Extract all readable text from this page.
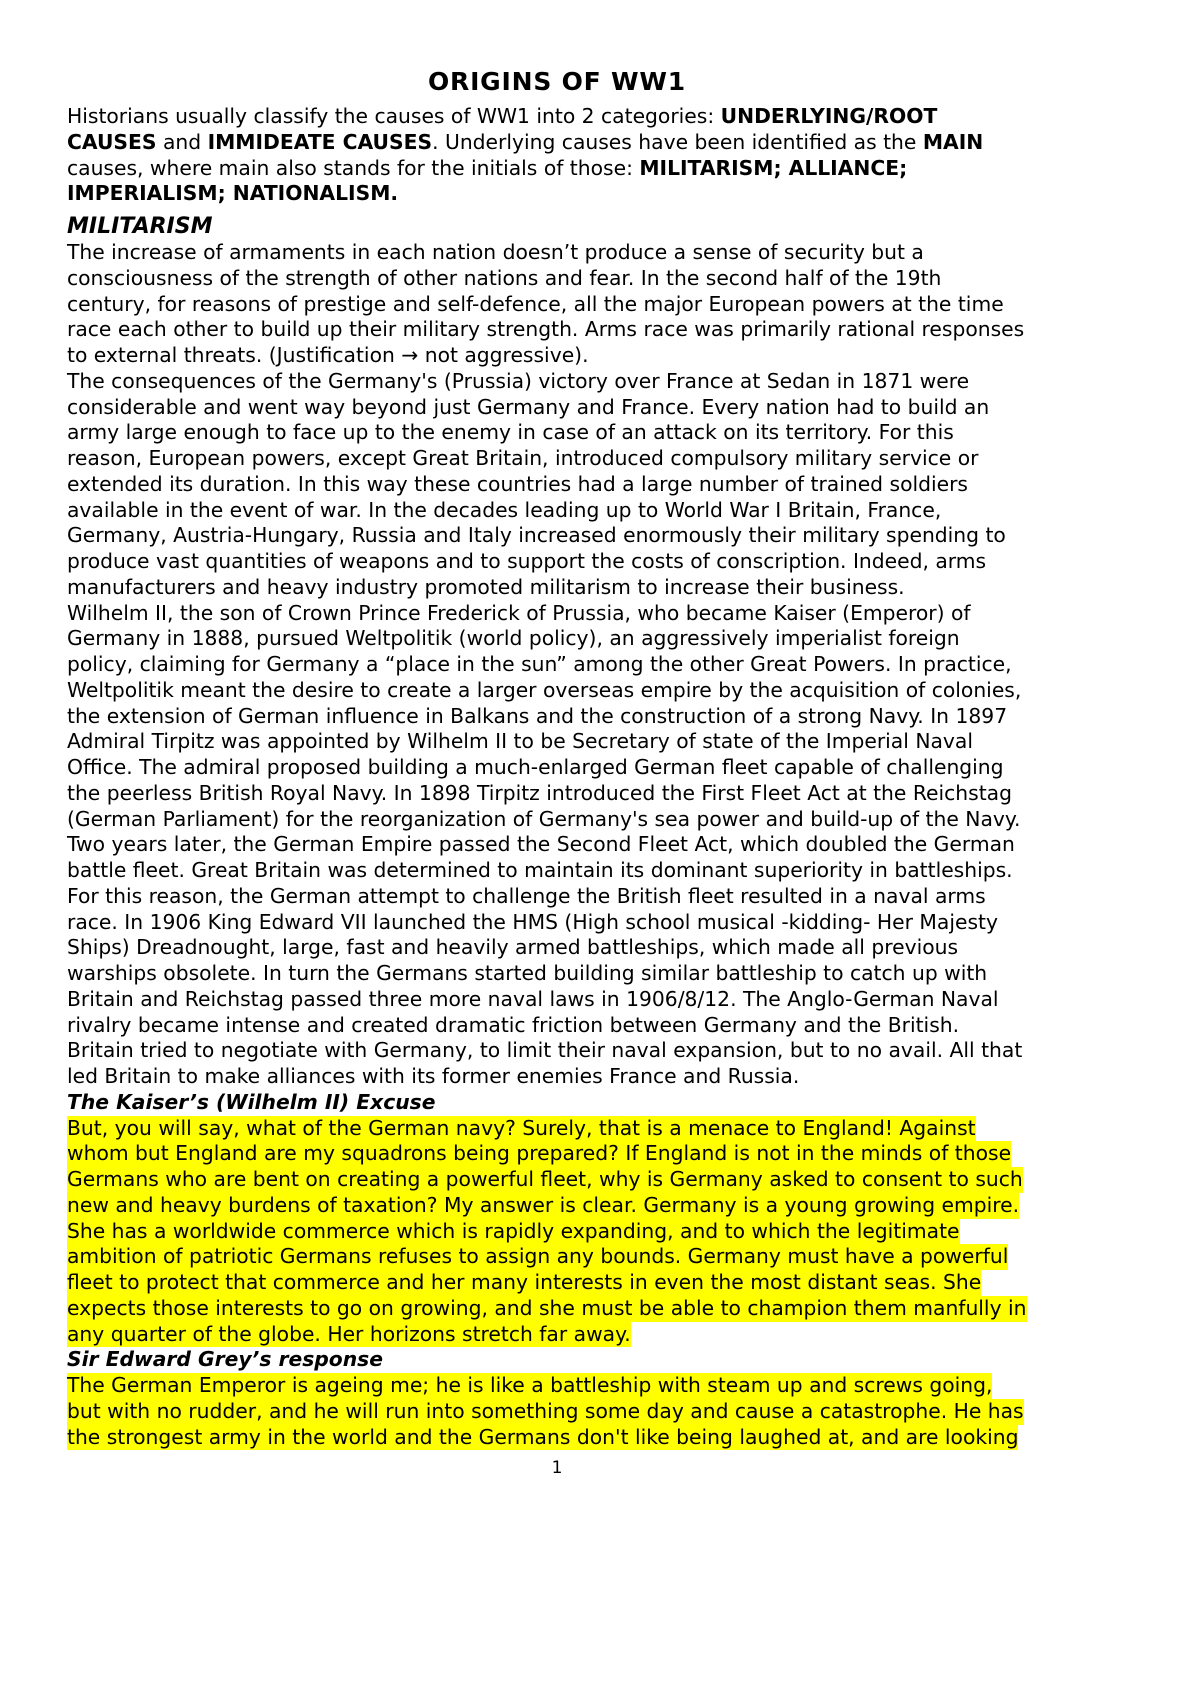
ORIGINS OF WW1
Historians usually classify the causes of WW1 into 2 categories: UNDERLYING/ROOT
CAUSES and IMMIDEATE CAUSES. Underlying causes have been identified as the MAIN
causes, where main also stands for the initials of those: MILITARISM; ALLIANCE;
IMPERIALISM; NATIONALISM.
MILITARISM
The increase of armaments in each nation doesn’t produce a sense of security but a
consciousness of the strength of other nations and fear. In the second half of the 19th
century, for reasons of prestige and self-defence, all the major European powers at the time
race each other to build up their military strength. Arms race was primarily rational responses
to external threats. (Justification → not aggressive).
The consequences of the Germany's (Prussia) victory over France at Sedan in 1871 were
considerable and went way beyond just Germany and France. Every nation had to build an
army large enough to face up to the enemy in case of an attack on its territory. For this
reason, European powers, except Great Britain, introduced compulsory military service or
extended its duration. In this way these countries had a large number of trained soldiers
available in the event of war. In the decades leading up to World War I Britain, France,
Germany, Austria-Hungary, Russia and Italy increased enormously their military spending to
produce vast quantities of weapons and to support the costs of conscription. Indeed, arms
manufacturers and heavy industry promoted militarism to increase their business.
Wilhelm II, the son of Crown Prince Frederick of Prussia, who became Kaiser (Emperor) of
Germany in 1888, pursued Weltpolitik (world policy), an aggressively imperialist foreign
policy, claiming for Germany a “place in the sun” among the other Great Powers. In practice,
Weltpolitik meant the desire to create a larger overseas empire by the acquisition of colonies,
the extension of German influence in Balkans and the construction of a strong Navy. In 1897
Admiral Tirpitz was appointed by Wilhelm II to be Secretary of state of the Imperial Naval
Office. The admiral proposed building a much-enlarged German fleet capable of challenging
the peerless British Royal Navy. In 1898 Tirpitz introduced the First Fleet Act at the Reichstag
(German Parliament) for the reorganization of Germany's sea power and build-up of the Navy.
Two years later, the German Empire passed the Second Fleet Act, which doubled the German
battle fleet. Great Britain was determined to maintain its dominant superiority in battleships.
For this reason, the German attempt to challenge the British fleet resulted in a naval arms
race. In 1906 King Edward VII launched the HMS (High school musical -kidding- Her Majesty
Ships) Dreadnought, large, fast and heavily armed battleships, which made all previous
warships obsolete. In turn the Germans started building similar battleship to catch up with
Britain and Reichstag passed three more naval laws in 1906/8/12. The Anglo-German Naval
rivalry became intense and created dramatic friction between Germany and the British.
Britain tried to negotiate with Germany, to limit their naval expansion, but to no avail. All that
led Britain to make alliances with its former enemies France and Russia.
The Kaiser’s (Wilhelm II) Excuse
But, you will say, what of the German navy? Surely, that is a menace to England! Against
whom but England are my squadrons being prepared? If England is not in the minds of those
Germans who are bent on creating a powerful fleet, why is Germany asked to consent to such
new and heavy burdens of taxation? My answer is clear. Germany is a young growing empire.
She has a worldwide commerce which is rapidly expanding, and to which the legitimate
ambition of patriotic Germans refuses to assign any bounds. Germany must have a powerful
fleet to protect that commerce and her many interests in even the most distant seas. She
expects those interests to go on growing, and she must be able to champion them manfully in
any quarter of the globe. Her horizons stretch far away.
Sir Edward Grey’s response
The German Emperor is ageing me; he is like a battleship with steam up and screws going,
but with no rudder, and he will run into something some day and cause a catastrophe. He has
the strongest army in the world and the Germans don't like being laughed at, and are looking
1
